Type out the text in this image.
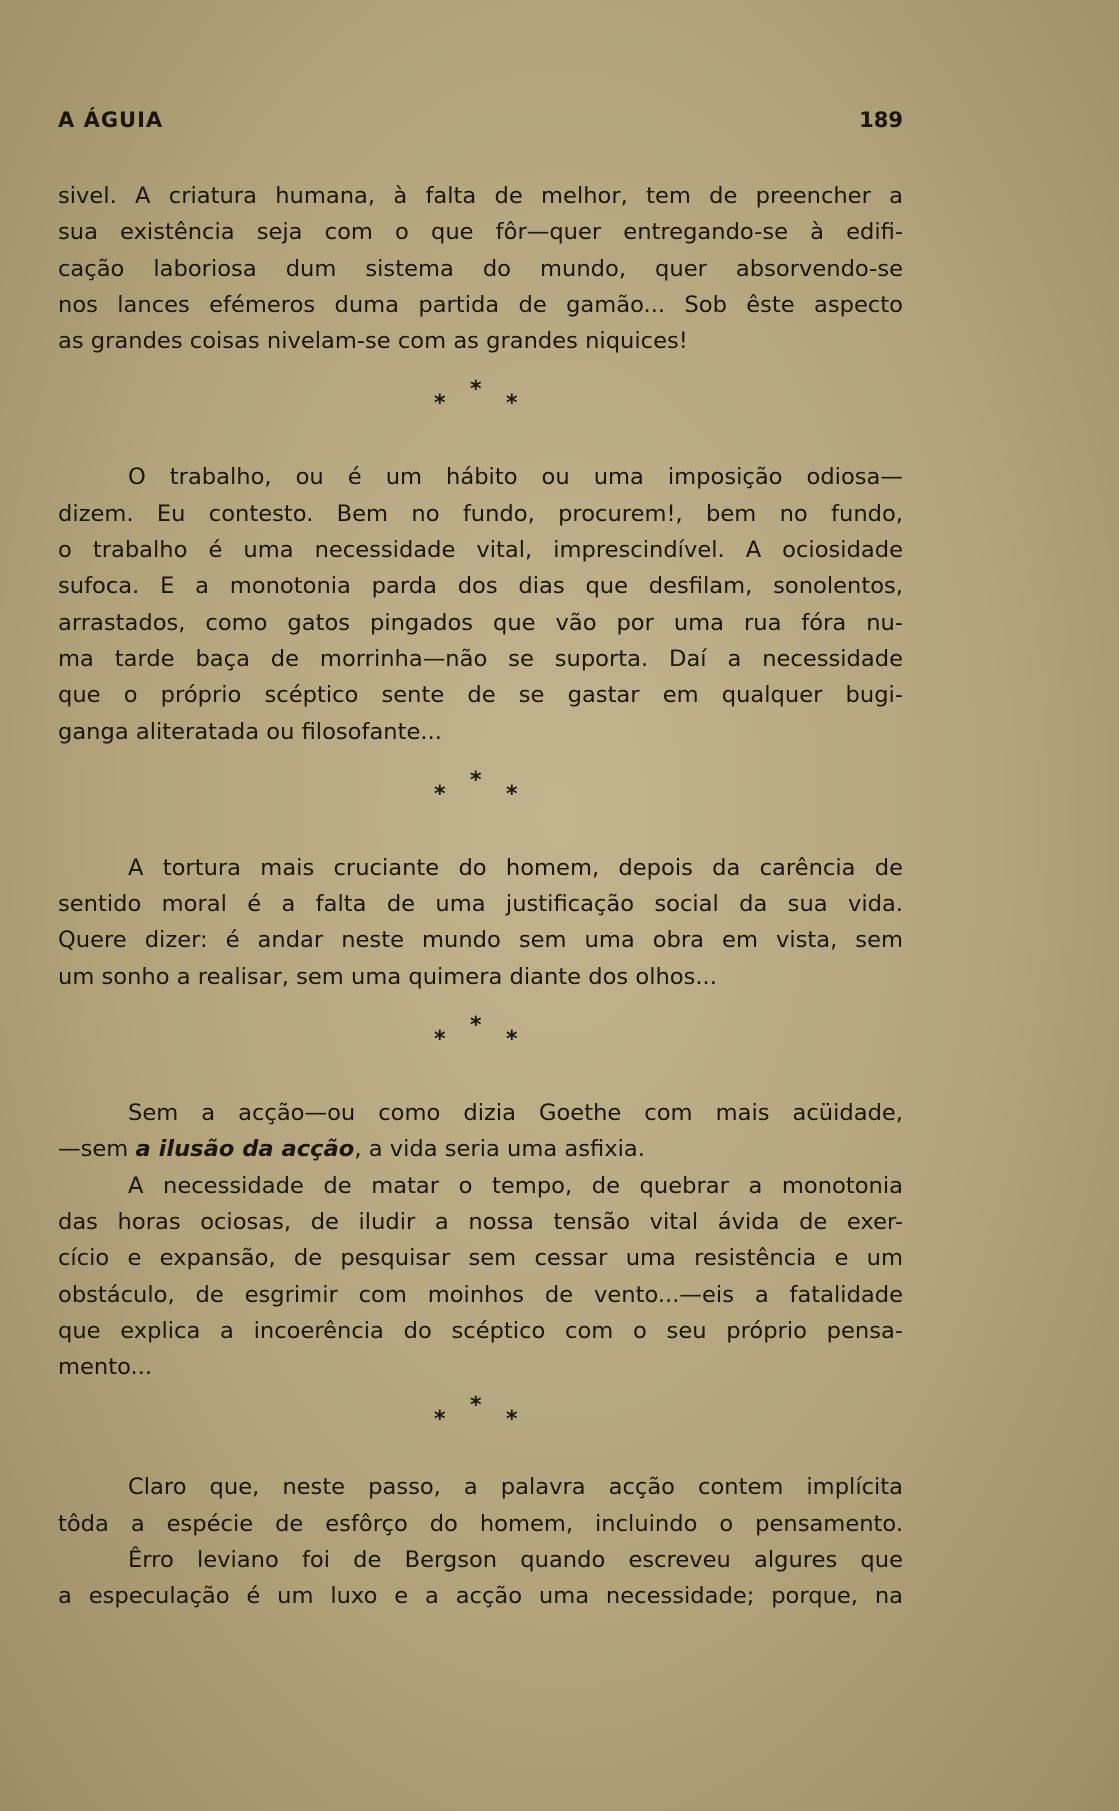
A ÁGUIA	189

sivel. A criatura humana, à falta de melhor, tem de preencher a

sua existência seja com o que fôr—quer entregando-se à edifi-

cação laboriosa dum sistema do mundo, quer absorvendo-se

nos lances efémeros duma partida de gamão... Sob êste aspecto

as grandes coisas nivelam-se com as grandes niquices!

*
*	*

O trabalho, ou é um hábito ou uma imposição odiosa—

dizem. Eu contesto. Bem no fundo, procurem!, bem no fundo,

o trabalho é uma necessidade vital, imprescindível. A ociosidade

sufoca. E a monotonia parda dos dias que desfilam, sonolentos,

arrastados, como gatos pingados que vão por uma rua fóra nu-

ma tarde baça de morrinha—não se suporta. Daí a necessidade

que o próprio scéptico sente de se gastar em qualquer bugi-

ganga aliteratada ou filosofante...

*
*	*

A tortura mais cruciante do homem, depois da carência de

sentido moral é a falta de uma justificação social da sua vida.

Quere dizer: é andar neste mundo sem uma obra em vista, sem

um sonho a realisar, sem uma quimera diante dos olhos...

*
*	*

Sem a acção—ou como dizia Goethe com mais acüidade,

—sem a ilusão da acção, a vida seria uma asfixia.

A necessidade de matar o tempo, de quebrar a monotonia

das horas ociosas, de iludir a nossa tensão vital ávida de exer-

cício e expansão, de pesquisar sem cessar uma resistência e um

obstáculo, de esgrimir com moinhos de vento...—eis a fatalidade

que explica a incoerência do scéptico com o seu próprio pensa-

mento...

*
*	*

Claro que, neste passo, a palavra acção contem implícita

tôda a espécie de esfôrço do homem, incluindo o pensamento.

Êrro leviano foi de Bergson quando escreveu algures que

a especulação é um luxo e a acção uma necessidade; porque, na
